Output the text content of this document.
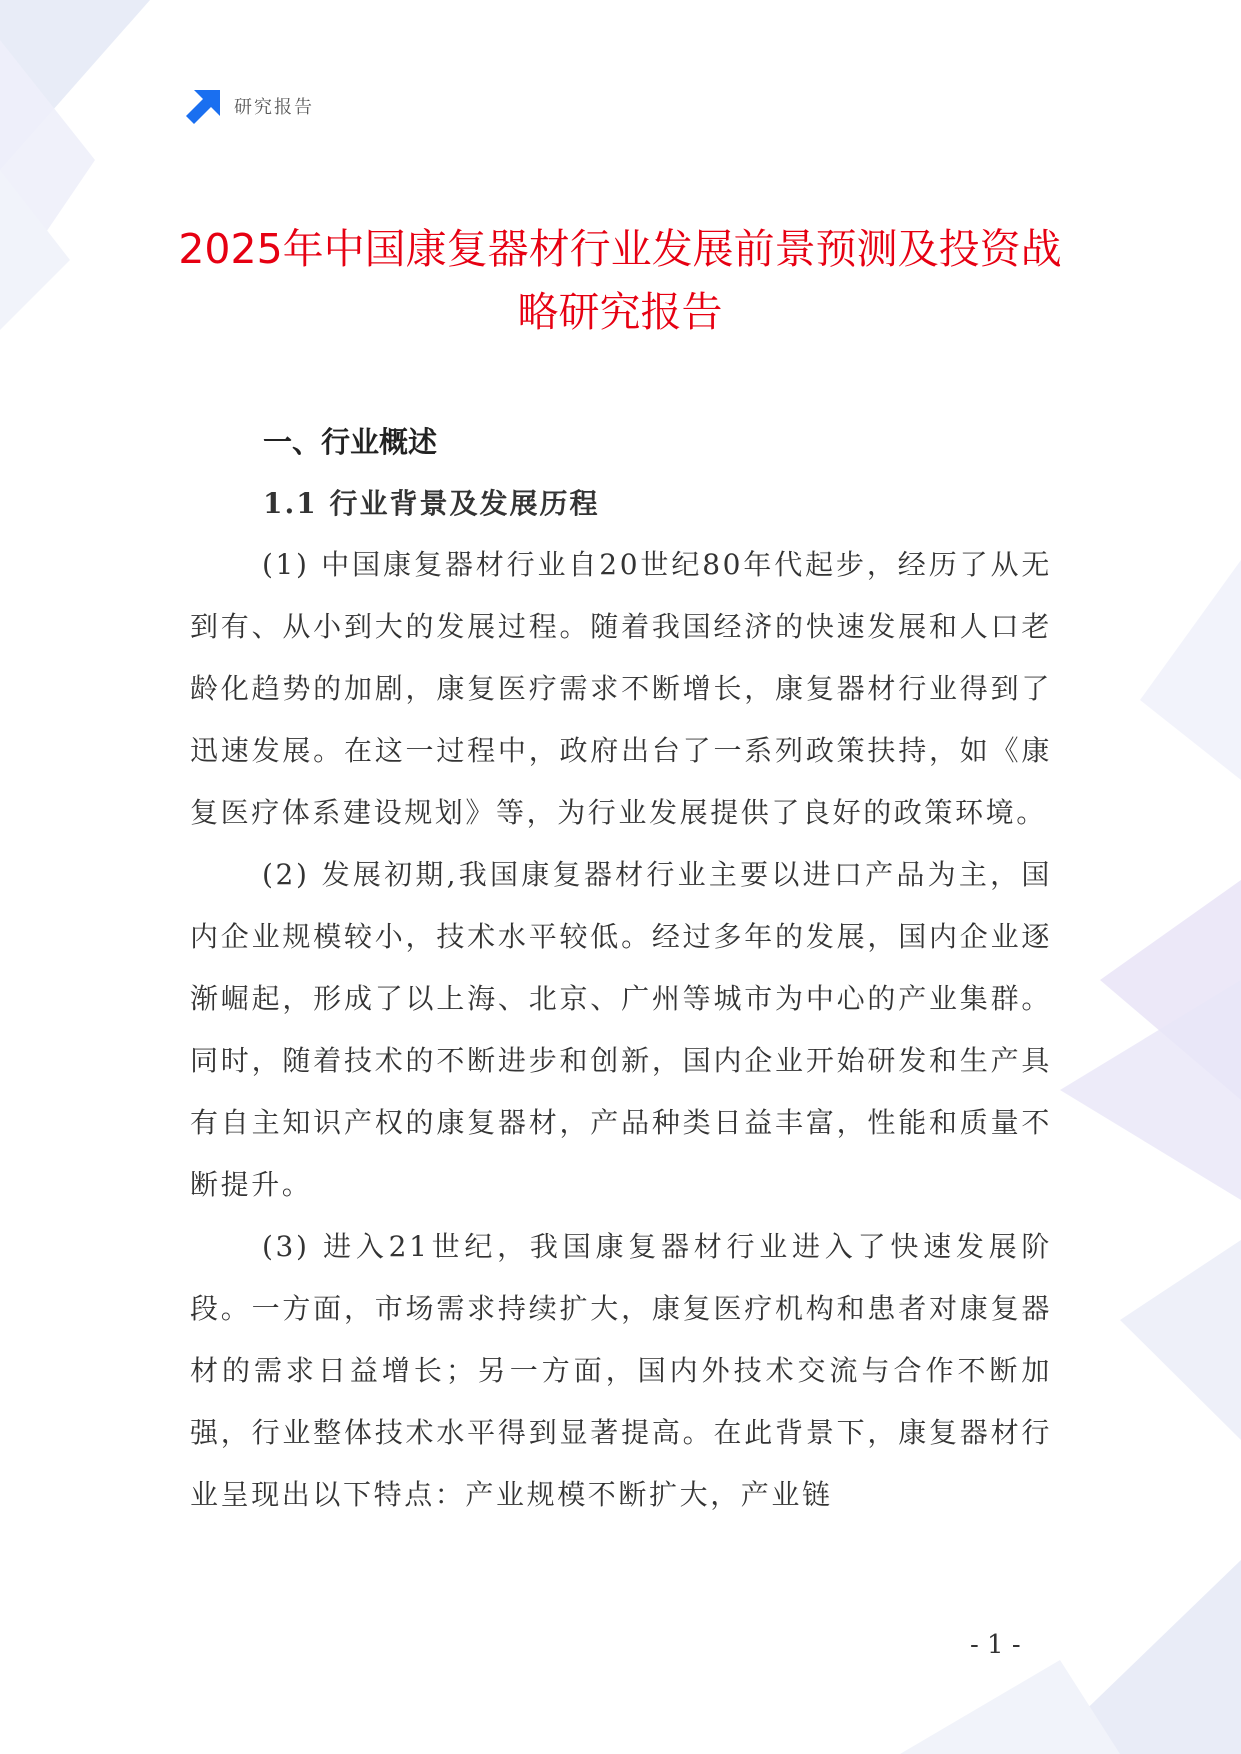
研究报告
2025年中国康复器材行业发展前景预测及投资战略研究报告
一、行业概述
1.1 行业背景及发展历程

(1) 中国康复器材行业自20世纪80年代起步，经历了从无到有、从小到大的发展过程。随着我国经济的快速发展和人口老龄化趋势的加剧，康复医疗需求不断增长，康复器材行业得到了迅速发展。在这一过程中，政府出台了一系列政策扶持，如《康复医疗体系建设规划》等，为行业发展提供了良好的政策环境。

(2) 发展初期,我国康复器材行业主要以进口产品为主，国内企业规模较小，技术水平较低。经过多年的发展，国内企业逐渐崛起，形成了以上海、北京、广州等城市为中心的产业集群。同时，随着技术的不断进步和创新，国内企业开始研发和生产具有自主知识产权的康复器材，产品种类日益丰富，性能和质量不断提升。

(3) 进入21世纪，我国康复器材行业进入了快速发展阶段。一方面，市场需求持续扩大，康复医疗机构和患者对康复器材的需求日益增长；另一方面，国内外技术交流与合作不断加强，行业整体技术水平得到显著提高。在此背景下，康复器材行业呈现出以下特点：产业规模不断扩大，产业链

- 1 -
